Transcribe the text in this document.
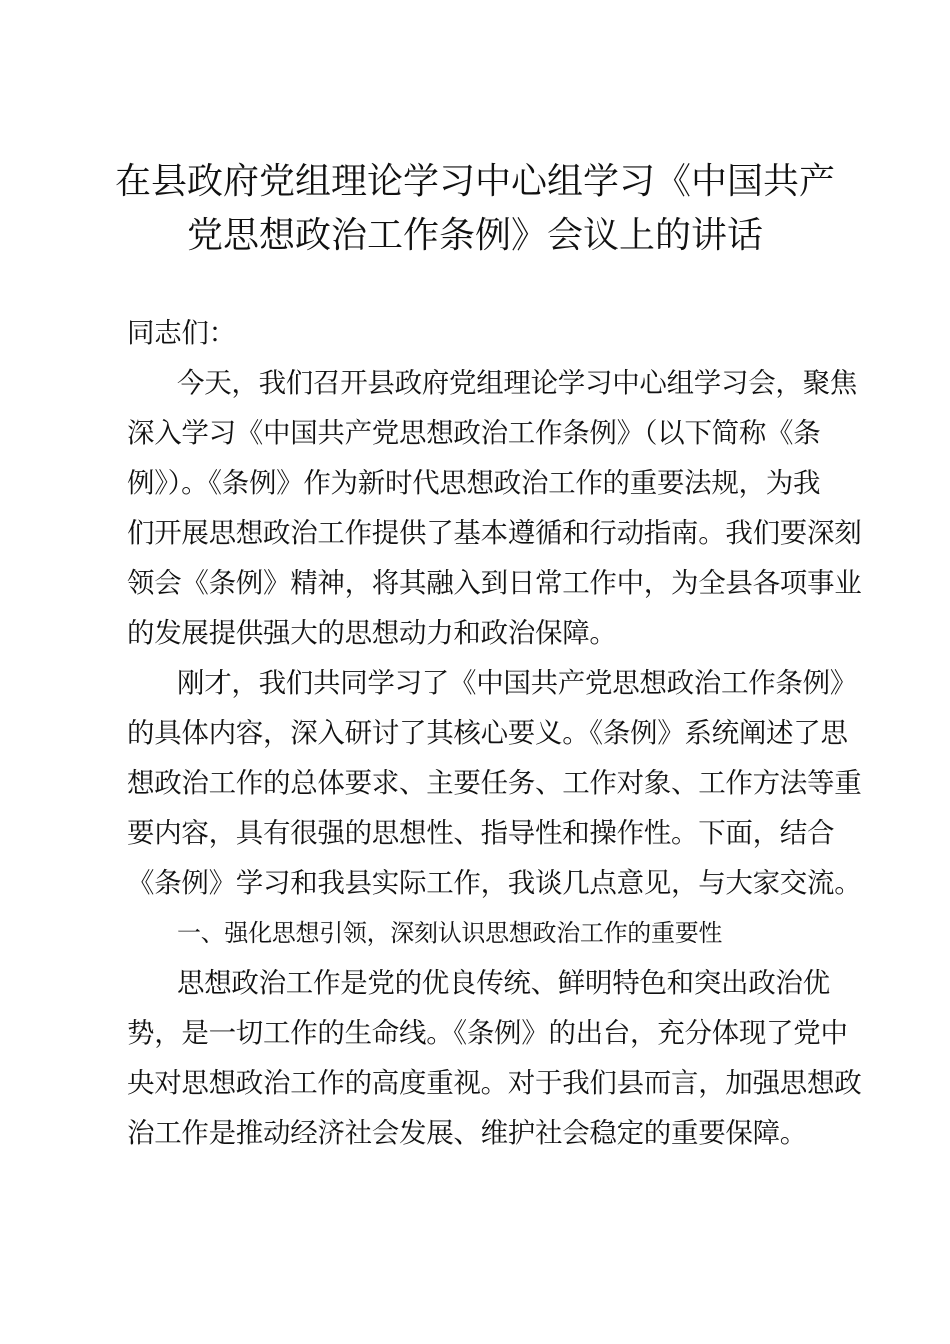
在县政府党组理论学习中心组学习《中国共产
党思想政治工作条例》会议上的讲话
同志们：
今天，我们召开县政府党组理论学习中心组学习会，聚焦
深入学习《中国共产党思想政治工作条例》（以下简称《条
例》）。《条例》作为新时代思想政治工作的重要法规，为我
们开展思想政治工作提供了基本遵循和行动指南。我们要深刻
领会《条例》精神，将其融入到日常工作中，为全县各项事业
的发展提供强大的思想动力和政治保障。
刚才，我们共同学习了《中国共产党思想政治工作条例》
的具体内容，深入研讨了其核心要义。《条例》系统阐述了思
想政治工作的总体要求、主要任务、工作对象、工作方法等重
要内容，具有很强的思想性、指导性和操作性。下面，结合
《条例》学习和我县实际工作，我谈几点意见，与大家交流。
一、强化思想引领，深刻认识思想政治工作的重要性
思想政治工作是党的优良传统、鲜明特色和突出政治优
势，是一切工作的生命线。《条例》的出台，充分体现了党中
央对思想政治工作的高度重视。对于我们县而言，加强思想政
治工作是推动经济社会发展、维护社会稳定的重要保障。
